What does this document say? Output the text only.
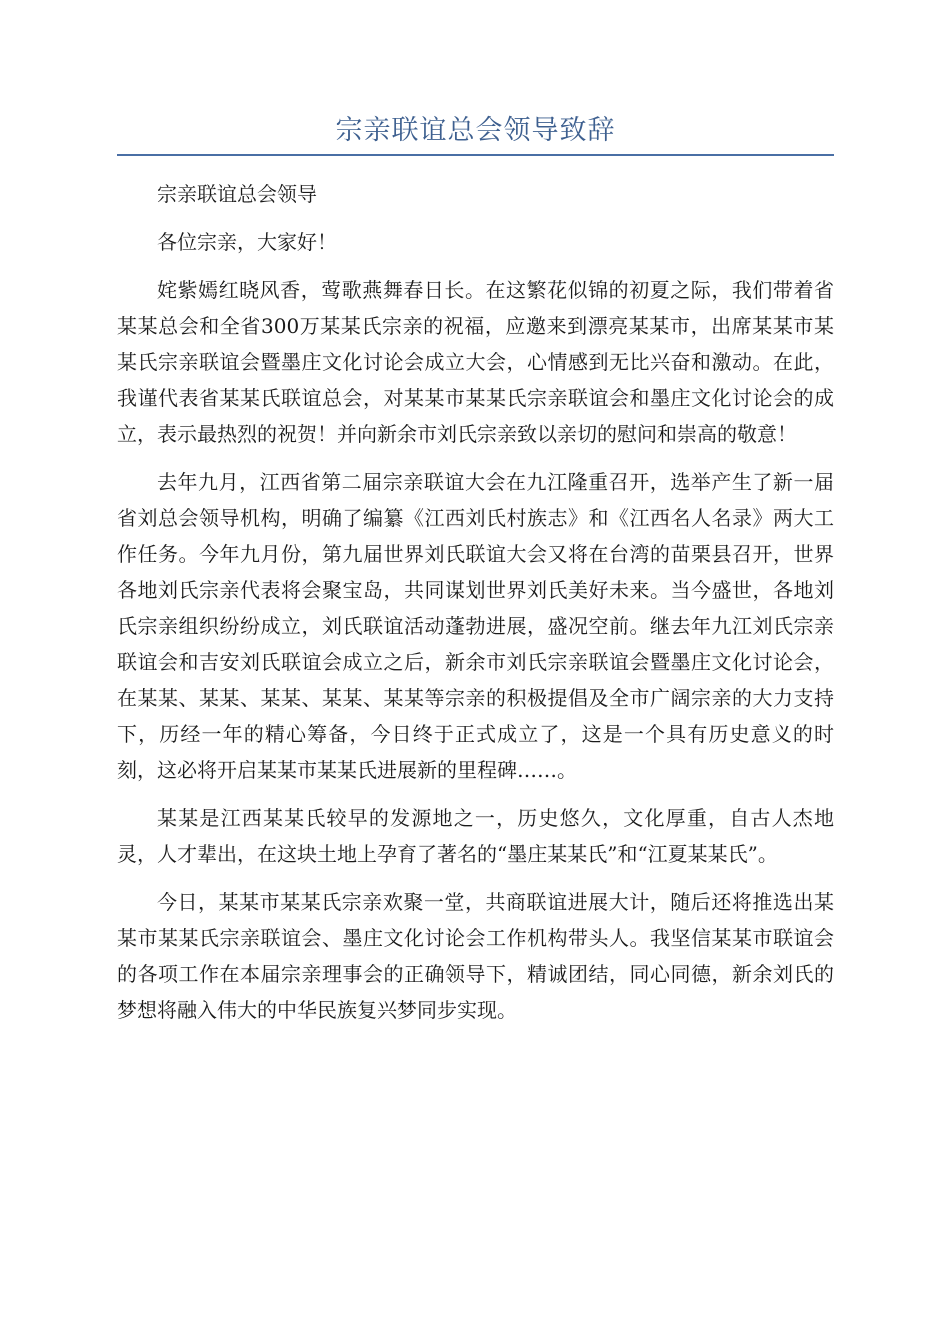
宗亲联谊总会领导致辞

宗亲联谊总会领导

各位宗亲，大家好！

姹紫嫣红晓风香，莺歌燕舞春日长。在这繁花似锦的初夏之际，我们带着省某某总会和全省300万某某氏宗亲的祝福，应邀来到漂亮某某市，出席某某市某某氏宗亲联谊会暨墨庄文化讨论会成立大会，心情感到无比兴奋和激动。在此，我谨代表省某某氏联谊总会，对某某市某某氏宗亲联谊会和墨庄文化讨论会的成立，表示最热烈的祝贺！并向新余市刘氏宗亲致以亲切的慰问和崇高的敬意！

去年九月，江西省第二届宗亲联谊大会在九江隆重召开，选举产生了新一届省刘总会领导机构，明确了编纂《江西刘氏村族志》和《江西名人名录》两大工作任务。今年九月份，第九届世界刘氏联谊大会又将在台湾的苗栗县召开，世界各地刘氏宗亲代表将会聚宝岛，共同谋划世界刘氏美好未来。当今盛世，各地刘氏宗亲组织纷纷成立，刘氏联谊活动蓬勃进展，盛况空前。继去年九江刘氏宗亲联谊会和吉安刘氏联谊会成立之后，新余市刘氏宗亲联谊会暨墨庄文化讨论会，在某某、某某、某某、某某、某某等宗亲的积极提倡及全市广阔宗亲的大力支持下，历经一年的精心筹备，今日终于正式成立了，这是一个具有历史意义的时刻，这必将开启某某市某某氏进展新的里程碑……。

某某是江西某某氏较早的发源地之一，历史悠久，文化厚重，自古人杰地灵，人才辈出，在这块土地上孕育了著名的“墨庄某某氏”和“江夏某某氏”。

今日，某某市某某氏宗亲欢聚一堂，共商联谊进展大计，随后还将推选出某某市某某氏宗亲联谊会、墨庄文化讨论会工作机构带头人。我坚信某某市联谊会的各项工作在本届宗亲理事会的正确领导下，精诚团结，同心同德，新余刘氏的梦想将融入伟大的中华民族复兴梦同步实现。
